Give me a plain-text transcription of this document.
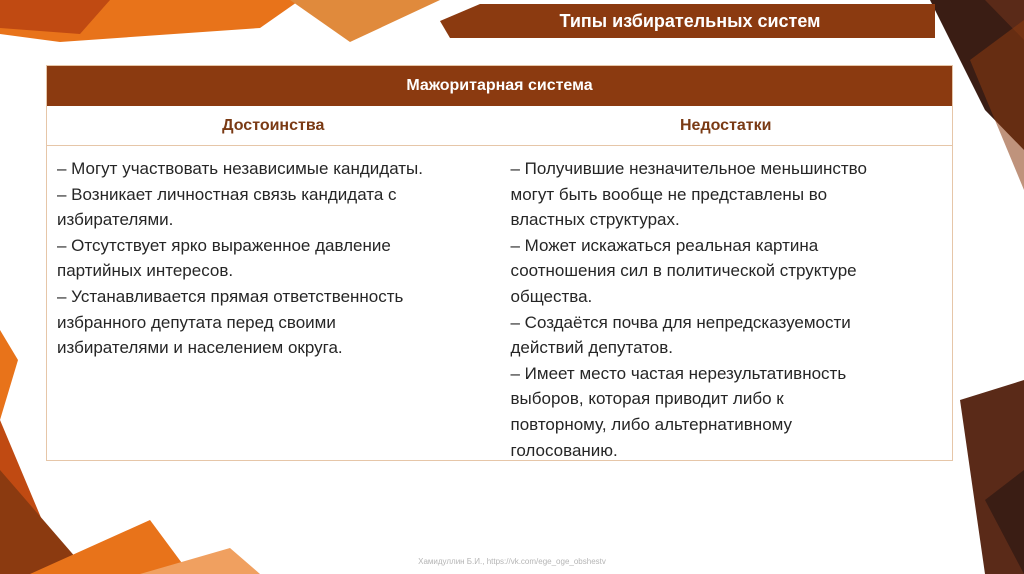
Типы избирательных систем
Мажоритарная система
Достоинства	Недостатки
– Могут участвовать независимые кандидаты.
– Возникает личностная связь кандидата с
избирателями.
– Отсутствует ярко выраженное давление
партийных интересов.
– Устанавливается прямая ответственность
избранного депутата перед своими
избирателями и населением округа.
– Получившие незначительное меньшинство
могут быть вообще не представлены во
властных структурах.
– Может искажаться реальная картина
соотношения сил в политической структуре
общества.
– Создаётся почва для непредсказуемости
действий депутатов.
– Имеет место частая нерезультативность
выборов, которая приводит либо к
повторному, либо альтернативному
голосованию.
Хамидуллин Б.И., https://vk.com/ege_oge_obshestv
